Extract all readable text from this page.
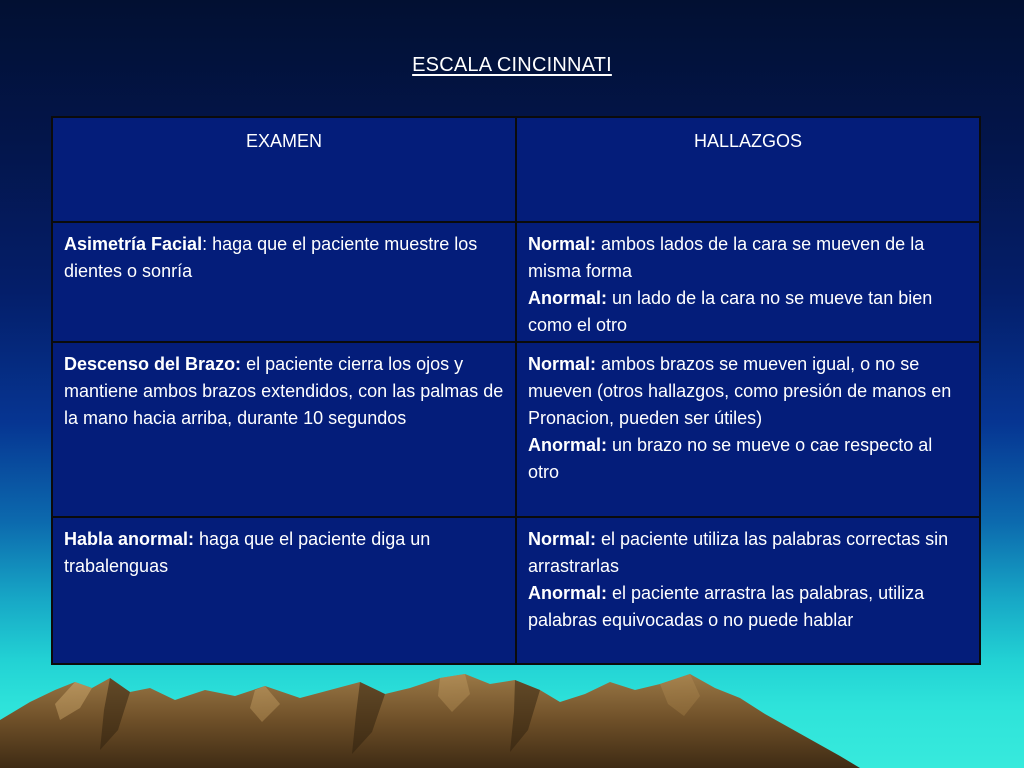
ESCALA CINCINNATI
EXAMEN	HALLAZGOS
Asimetría Facial: haga que el paciente muestre los dientes o sonría	Normal: ambos lados de la cara se mueven de la misma forma
Anormal: un lado de la cara no se mueve tan bien como el otro

Descenso del Brazo: el paciente cierra los ojos y mantiene ambos brazos extendidos, con las palmas de la mano hacia arriba, durante 10 segundos	Normal: ambos brazos se mueven igual, o no se mueven (otros hallazgos, como presión de manos en Pronacion, pueden ser útiles)
Anormal: un brazo no se mueve o cae respecto al otro

Habla anormal: haga que el paciente diga un trabalenguas	Normal: el paciente utiliza las palabras correctas sin arrastrarlas
Anormal: el paciente arrastra las palabras, utiliza palabras equivocadas o no puede hablar
